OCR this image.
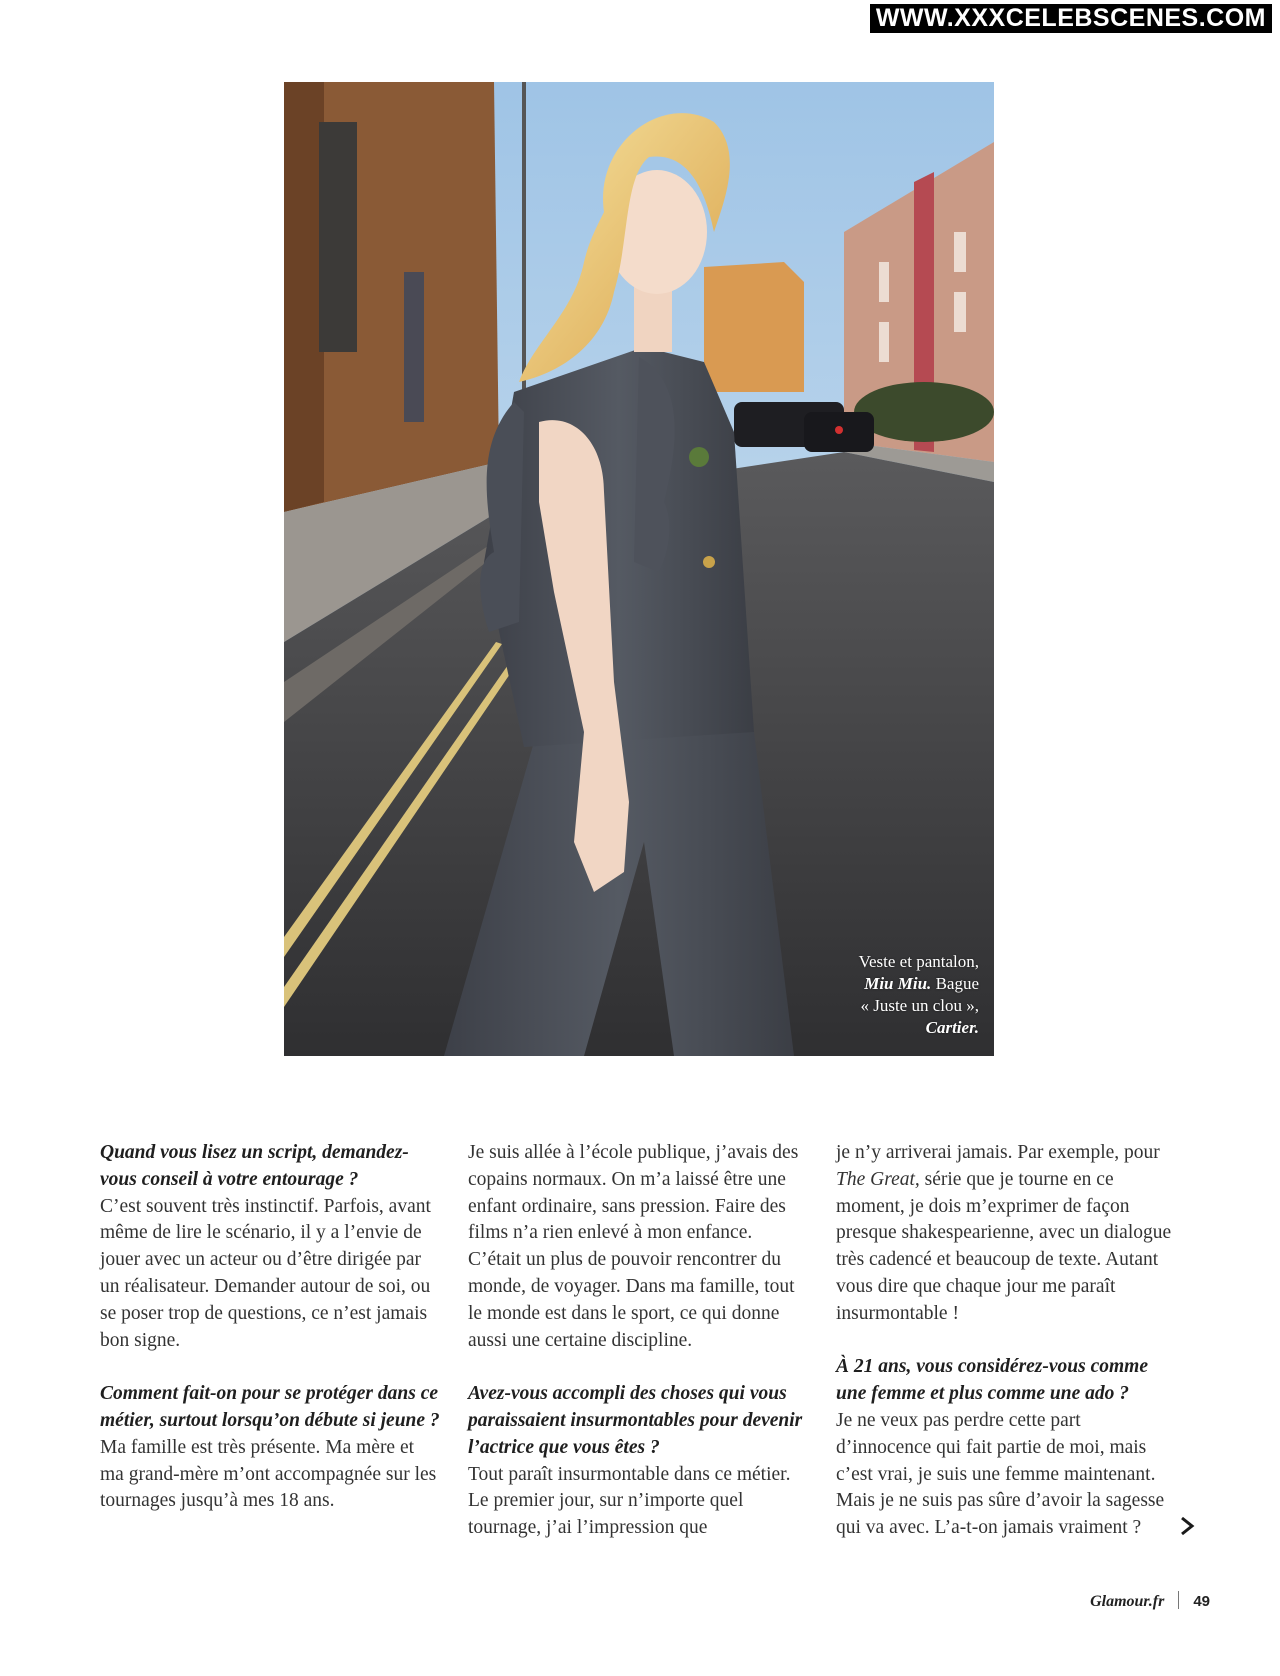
WWW.XXXCELEBSCENES.COM
Veste et pantalon,
Miu Miu. Bague
« Juste un clou »,
Cartier.
Quand vous lisez un script, demandez-vous conseil à votre entourage ?
C’est souvent très instinctif. Parfois, avant même de lire le scénario, il y a l’envie de jouer avec un acteur ou d’être dirigée par un réalisateur. Demander autour de soi, ou se poser trop de questions, ce n’est jamais bon signe.
Comment fait-on pour se protéger dans ce métier, surtout lorsqu’on débute si jeune ?
Ma famille est très présente. Ma mère et ma grand-mère m’ont accompagnée sur les tournages jusqu’à mes 18 ans.
Je suis allée à l’école publique, j’avais des copains normaux. On m’a laissé être une enfant ordinaire, sans pression. Faire des films n’a rien enlevé à mon enfance. C’était un plus de pouvoir rencontrer du monde, de voyager. Dans ma famille, tout le monde est dans le sport, ce qui donne aussi une certaine discipline.
Avez-vous accompli des choses qui vous paraissaient insurmontables pour devenir l’actrice que vous êtes ?
Tout paraît insurmontable dans ce métier. Le premier jour, sur n’importe quel tournage, j’ai l’impression que
je n’y arriverai jamais. Par exemple, pour The Great, série que je tourne en ce moment, je dois m’exprimer de façon presque shakespearienne, avec un dialogue très cadencé et beaucoup de texte. Autant vous dire que chaque jour me paraît insurmontable !
À 21 ans, vous considérez-vous comme une femme et plus comme une ado ?
Je ne veux pas perdre cette part d’innocence qui fait partie de moi, mais c’est vrai, je suis une femme maintenant. Mais je ne suis pas sûre d’avoir la sagesse qui va avec. L’a-t-on jamais vraiment ?
Glamour.fr 49
